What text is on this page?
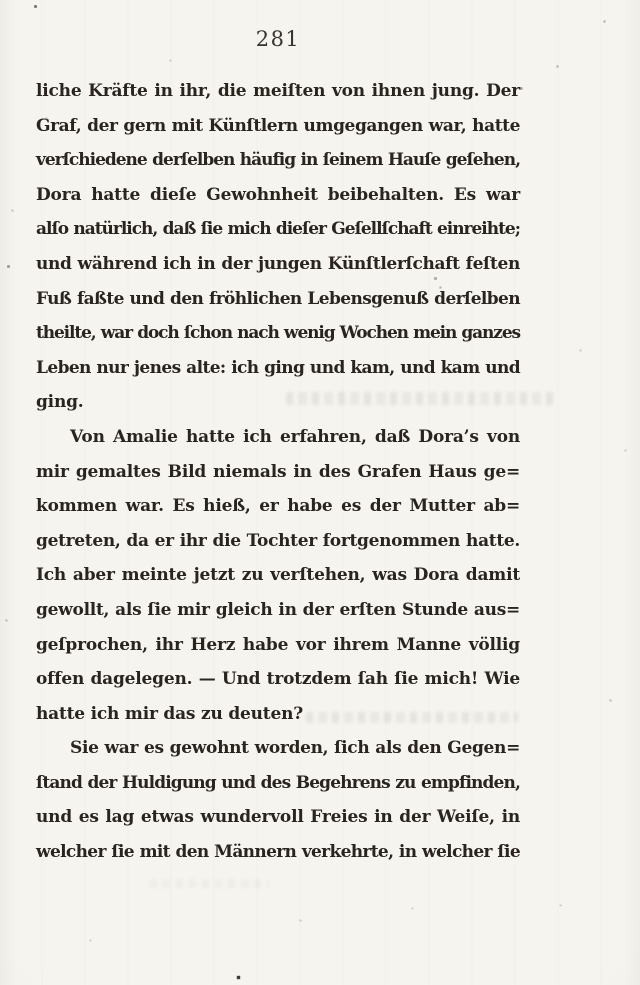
281
liche Kräfte in ihr, die meiſten von ihnen jung. Der
Graf, der gern mit Künſtlern umgegangen war, hatte
verſchiedene derſelben häufig in ſeinem Hauſe geſehen,
Dora hatte dieſe Gewohnheit beibehalten. Es war
alſo natürlich, daß ſie mich dieſer Geſellſchaft einreihte;
und während ich in der jungen Künſtlerſchaft feſten
Fuß faßte und den fröhlichen Lebensgenuß derſelben
theilte, war doch ſchon nach wenig Wochen mein ganzes
Leben nur jenes alte: ich ging und kam, und kam und
ging.
Von Amalie hatte ich erfahren, daß Dora’s von
mir gemaltes Bild niemals in des Grafen Haus ge=
kommen war. Es hieß, er habe es der Mutter ab=
getreten, da er ihr die Tochter fortgenommen hatte.
Ich aber meinte jetzt zu verſtehen, was Dora damit
gewollt, als ſie mir gleich in der erſten Stunde aus=
geſprochen, ihr Herz habe vor ihrem Manne völlig
offen dagelegen. — Und trotzdem ſah ſie mich! Wie
hatte ich mir das zu deuten?
Sie war es gewohnt worden, ſich als den Gegen=
ſtand der Huldigung und des Begehrens zu empfinden,
und es lag etwas wundervoll Freies in der Weiſe, in
welcher ſie mit den Männern verkehrte, in welcher ſie
